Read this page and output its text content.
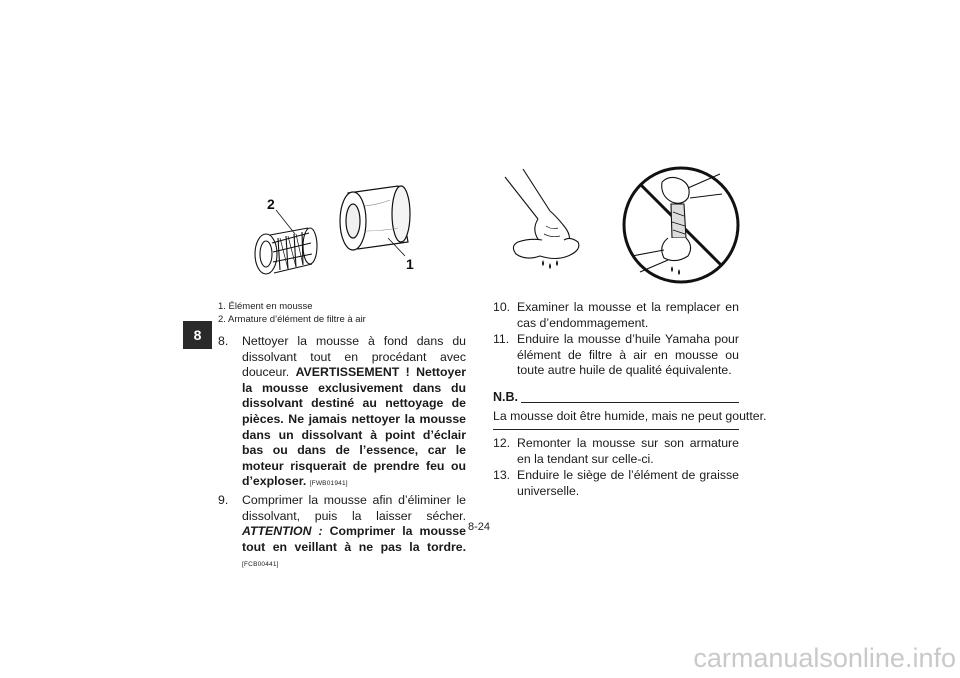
8
2
1
1. Élément en mousse
2. Armature d’élément de filtre à air
8.	Nettoyer la mousse à fond dans du dissolvant tout en procédant avec douceur. AVERTISSEMENT ! Nettoyer la mousse exclusivement dans du dissolvant destiné au nettoyage de pièces. Ne jamais nettoyer la mousse dans un dissolvant à point d’éclair bas ou dans de l’essence, car le moteur risquerait de prendre feu ou d’exploser. [FWB01941]
9.	Comprimer la mousse afin d’éliminer le dissolvant, puis la laisser sécher. ATTENTION : Comprimer la mousse tout en veillant à ne pas la tordre. [FCB00441]
10. Examiner la mousse et la remplacer en cas d’endommagement.
11. Enduire la mousse d’huile Yamaha pour élément de filtre à air en mousse ou toute autre huile de qualité équivalente.
N.B.
La mousse doit être humide, mais ne peut goutter.
12. Remonter la mousse sur son armature en la tendant sur celle-ci.
13. Enduire le siège de l’élément de graisse universelle.
8-24
carmanualsonline.info
